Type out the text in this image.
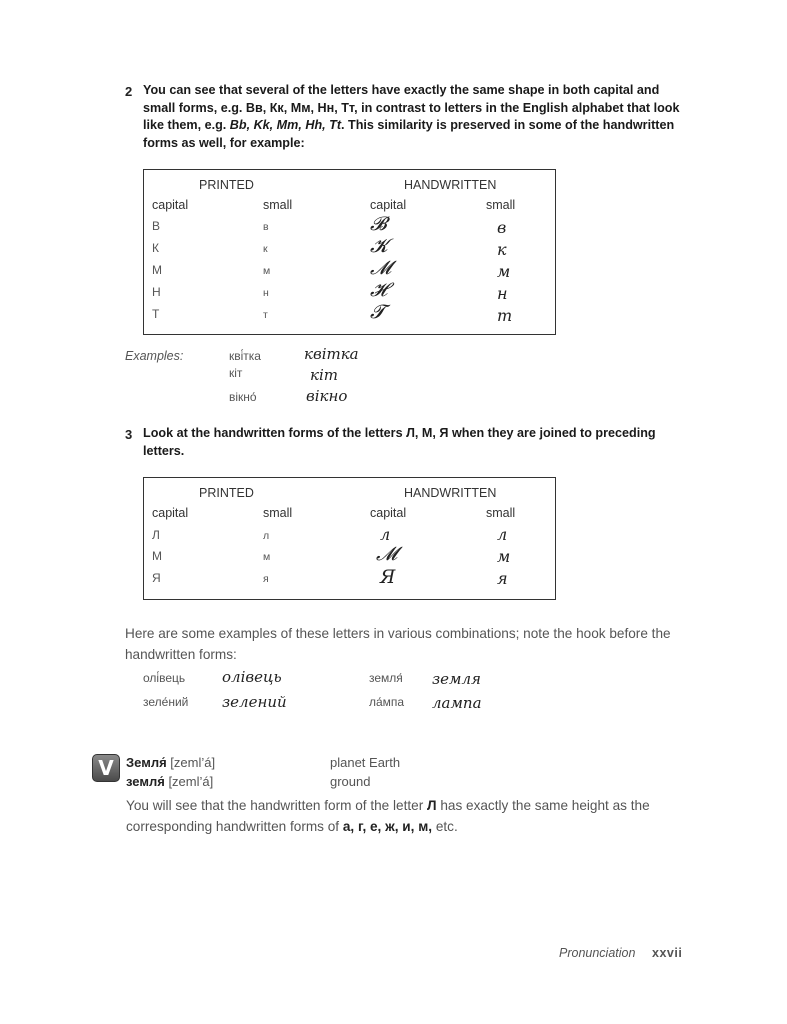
2 You can see that several of the letters have exactly the same shape in both capital and
small forms, e.g. Вв, Кк, Мм, Нн, Тт, in contrast to letters in the English alphabet that look
like them, e.g. Bb, Kk, Mm, Hh, Tt. This similarity is preserved in some of the handwritten
forms as well, for example:
PRINTED	HANDWRITTEN
capital	small	capital	small
В	в	𝓑	в
К	к	𝓚	к
М	м	𝓜	м
Н	н	𝓗	н
Т	т	𝓣	т
Examples:	кві́тка	квітка
кіт	кіт
вікно́	вікно
3 Look at the handwritten forms of the letters Л, М, Я when they are joined to preceding
letters.
PRINTED	HANDWRITTEN
capital	small	capital	small
Л	л	л	л
М	м	𝓜	м
Я	я	Я	я
Here are some examples of these letters in various combinations; note the hook before the
handwritten forms:
олі́вець олівець	земля́ земля
зеле́ний зелений	ла́мпа лампа
V Земля́ [zeml’á]	planet Earth
земля́ [zeml’á]	ground
You will see that the handwritten form of the letter Л has exactly the same height as the
corresponding handwritten forms of а, г, е, ж, и, м, etc.
Pronunciation xxvii
